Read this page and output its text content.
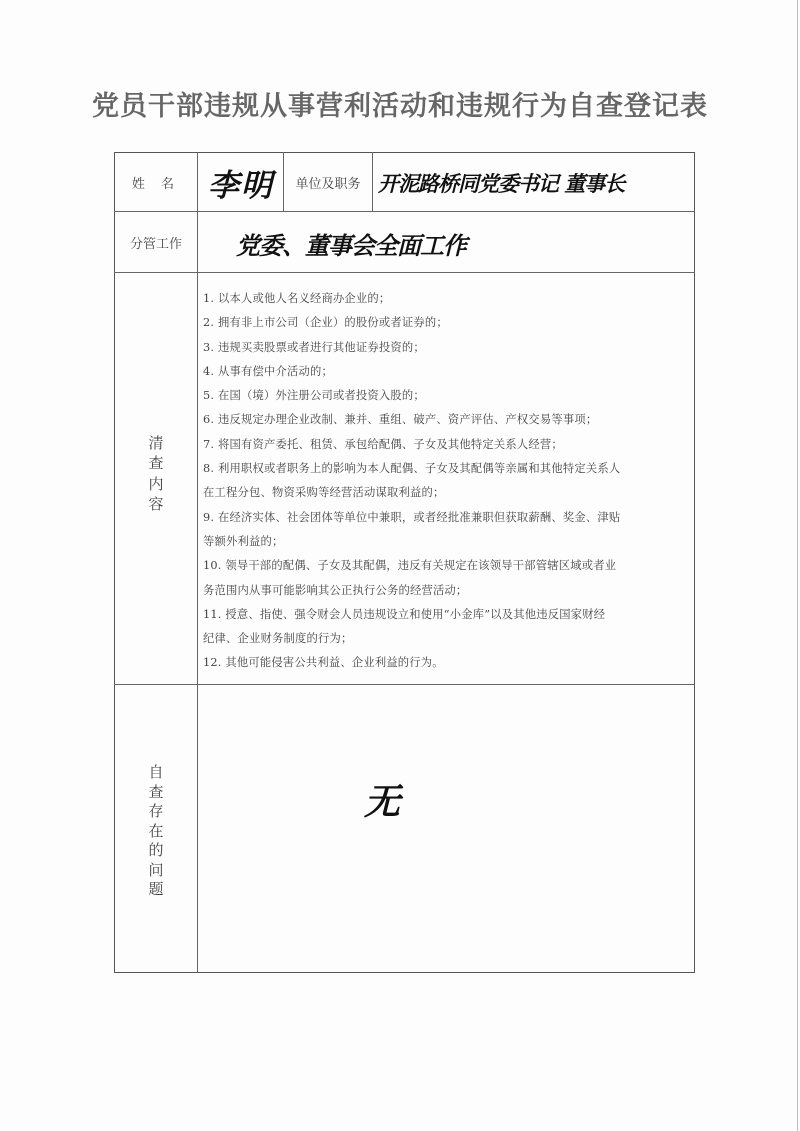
党员干部违规从事营利活动和违规行为自查登记表
姓 名 李明	单位及职务 开泥路桥同党委书记 董事长
分管工作	党委、董事会全面工作
清
查
内
容
1. 以本人或他人名义经商办企业的；
2. 拥有非上市公司（企业）的股份或者证券的；
3. 违规买卖股票或者进行其他证券投资的；
4. 从事有偿中介活动的；
5. 在国（境）外注册公司或者投资入股的；
6. 违反规定办理企业改制、兼并、重组、破产、资产评估、产权交易等事项；
7. 将国有资产委托、租赁、承包给配偶、子女及其他特定关系人经营；
8. 利用职权或者职务上的影响为本人配偶、子女及其配偶等亲属和其他特定关系人
在工程分包、物资采购等经营活动谋取利益的；
9. 在经济实体、社会团体等单位中兼职，或者经批准兼职但获取薪酬、奖金、津贴
等额外利益的；
10. 领导干部的配偶、子女及其配偶，违反有关规定在该领导干部管辖区域或者业
务范围内从事可能影响其公正执行公务的经营活动；
11. 授意、指使、强令财会人员违规设立和使用“小金库”以及其他违反国家财经
纪律、企业财务制度的行为；
12. 其他可能侵害公共利益、企业利益的行为。
自
查
存
在
的
问
题
无
